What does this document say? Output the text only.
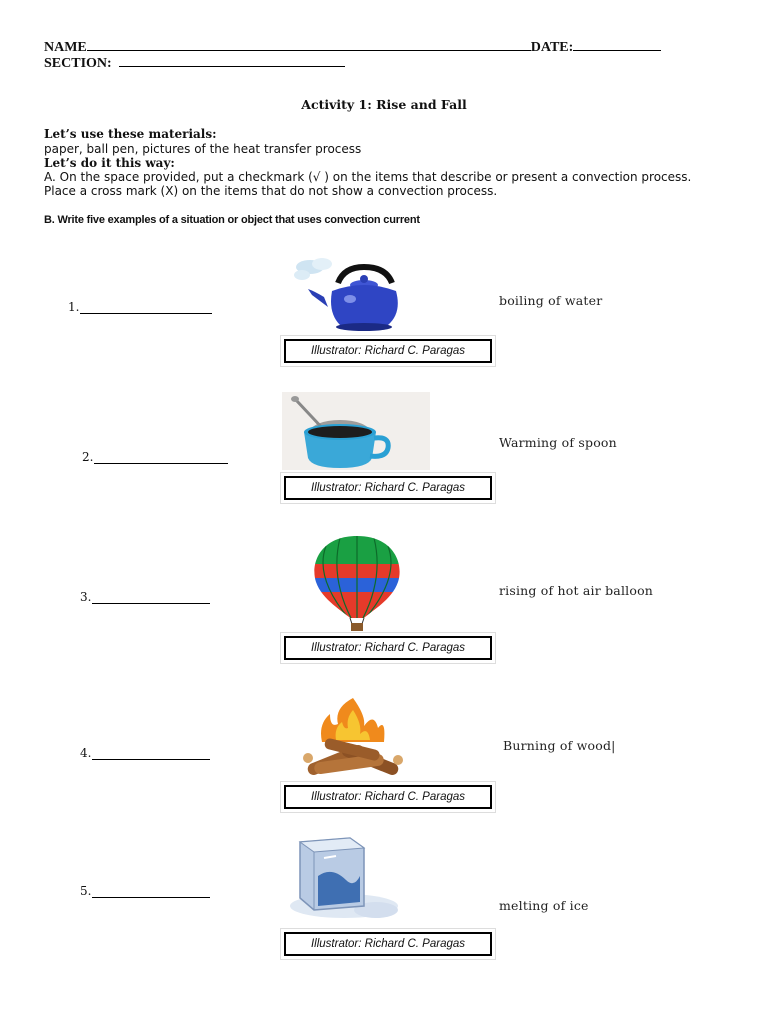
NAME	DATE:
SECTION:
Activity 1: Rise and Fall
Let’s use these materials:
paper, ball pen, pictures of the heat transfer process
Let’s do it this way:
A. On the space provided, put a checkmark (√ ) on the items that describe or present a convection process. Place a cross mark (X) on the items that do not show a convection process.
B. Write five examples of a situation or object that uses convection current
1.
Illustrator: Richard C. Paragas
boiling of water
2.
Illustrator: Richard C. Paragas
Warming of spoon
3.
Illustrator: Richard C. Paragas
rising of hot air balloon
4.
Illustrator: Richard C. Paragas
Burning of wood|
5.
Illustrator: Richard C. Paragas
melting of ice
